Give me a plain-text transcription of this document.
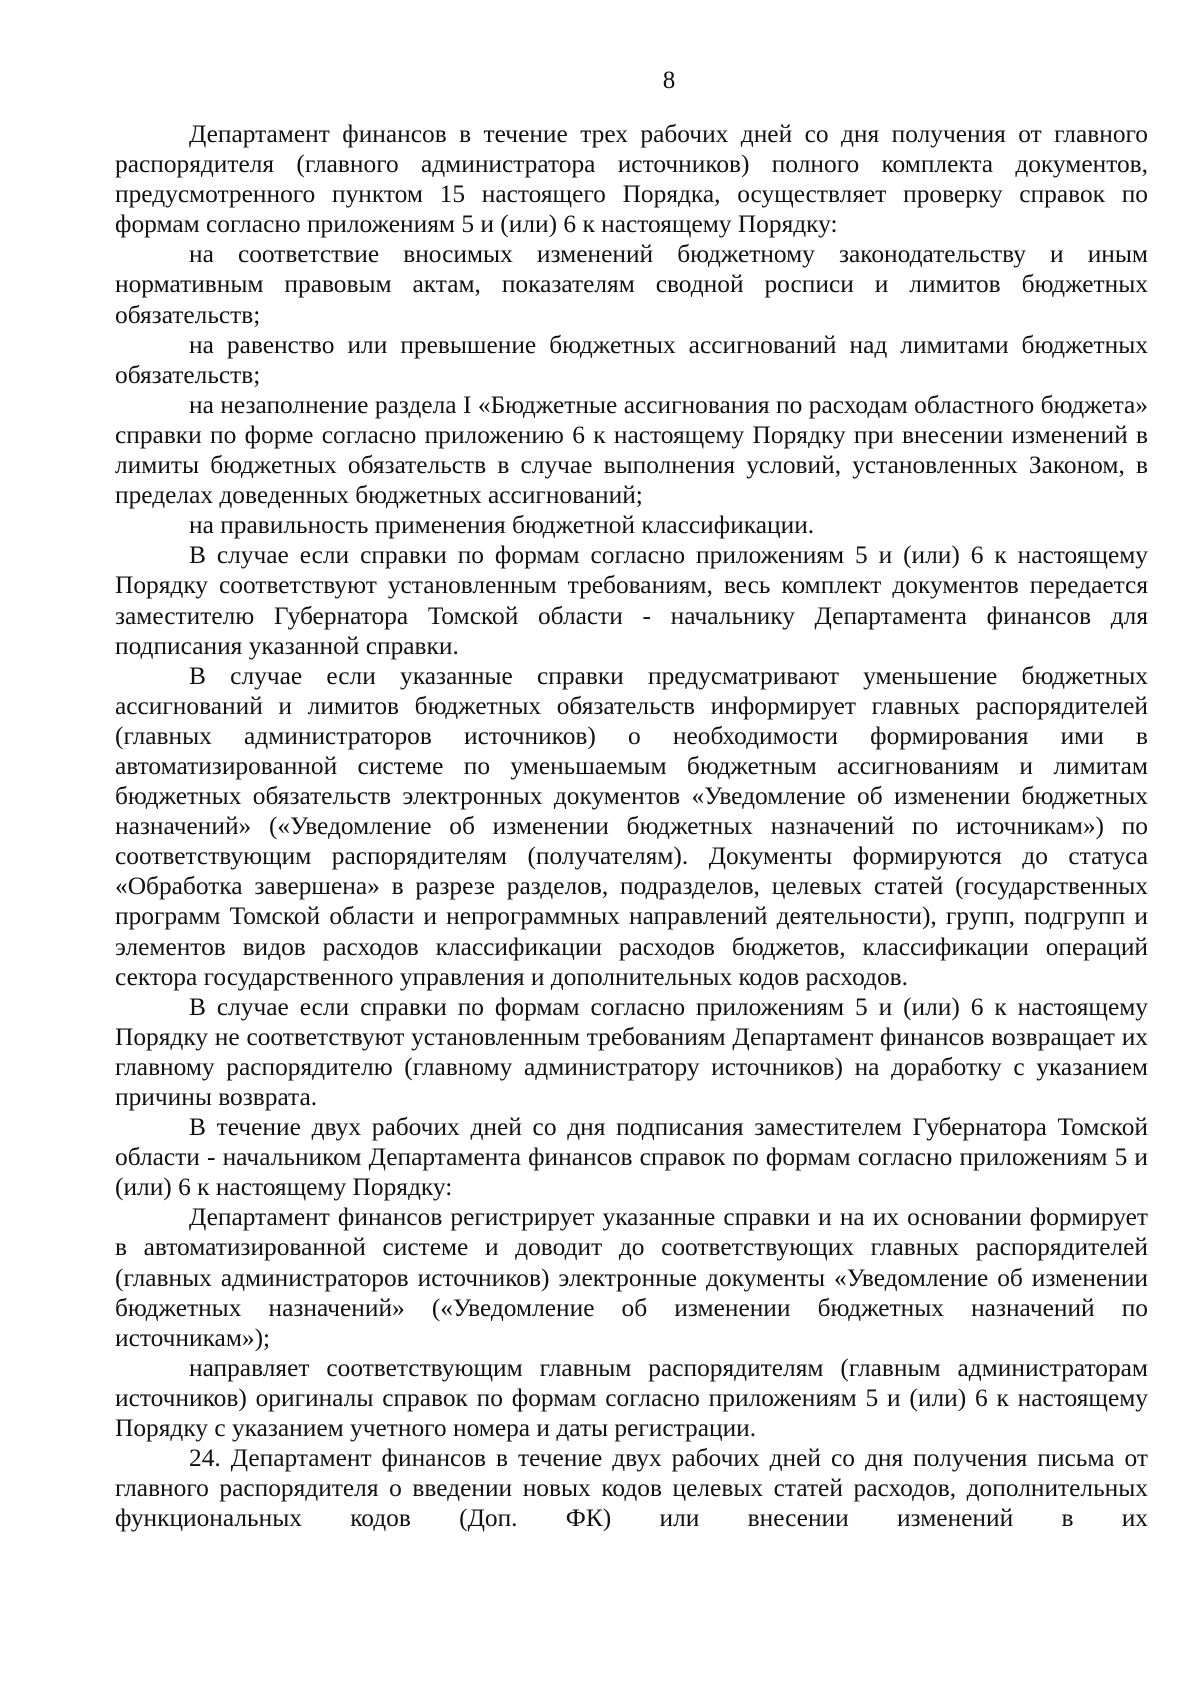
8

Департамент финансов в течение трех рабочих дней со дня получения от главного распорядителя (главного администратора источников) полного комплекта документов, предусмотренного пунктом 15 настоящего Порядка, осуществляет проверку справок по формам согласно приложениям 5 и (или) 6 к настоящему Порядку:

на соответствие вносимых изменений бюджетному законодательству и иным нормативным правовым актам, показателям сводной росписи и лимитов бюджетных обязательств;

на равенство или превышение бюджетных ассигнований над лимитами бюджетных обязательств;

на незаполнение раздела I «Бюджетные ассигнования по расходам областного бюджета» справки по форме согласно приложению 6 к настоящему Порядку при внесении изменений в лимиты бюджетных обязательств в случае выполнения условий, установленных Законом, в пределах доведенных бюджетных ассигнований;

на правильность применения бюджетной классификации.

В случае если справки по формам согласно приложениям 5 и (или) 6 к настоящему Порядку соответствуют установленным требованиям, весь комплект документов передается заместителю Губернатора Томской области - начальнику Департамента финансов для подписания указанной справки.

В случае если указанные справки предусматривают уменьшение бюджетных ассигнований и лимитов бюджетных обязательств информирует главных распорядителей (главных администраторов источников) о необходимости формирования ими в автоматизированной системе по уменьшаемым бюджетным ассигнованиям и лимитам бюджетных обязательств электронных документов «Уведомление об изменении бюджетных назначений» («Уведомление об изменении бюджетных назначений по источникам») по соответствующим распорядителям (получателям). Документы формируются до статуса «Обработка завершена» в разрезе разделов, подразделов, целевых статей (государственных программ Томской области и непрограммных направлений деятельности), групп, подгрупп и элементов видов расходов классификации расходов бюджетов, классификации операций сектора государственного управления и дополнительных кодов расходов.

В случае если справки по формам согласно приложениям 5 и (или) 6 к настоящему Порядку не соответствуют установленным требованиям Департамент финансов возвращает их главному распорядителю (главному администратору источников) на доработку с указанием причины возврата.

В течение двух рабочих дней со дня подписания заместителем Губернатора Томской области - начальником Департамента финансов справок по формам согласно приложениям 5 и (или) 6 к настоящему Порядку:

Департамент финансов регистрирует указанные справки и на их основании формирует в автоматизированной системе и доводит до соответствующих главных распорядителей (главных администраторов источников) электронные документы «Уведомление об изменении бюджетных назначений» («Уведомление об изменении бюджетных назначений по источникам»);

направляет соответствующим главным распорядителям (главным администраторам источников) оригиналы справок по формам согласно приложениям 5 и (или) 6 к настоящему Порядку с указанием учетного номера и даты регистрации.

24. Департамент финансов в течение двух рабочих дней со дня получения письма от главного распорядителя о введении новых кодов целевых статей расходов, дополнительных функциональных кодов (Доп. ФК) или внесении изменений в их
